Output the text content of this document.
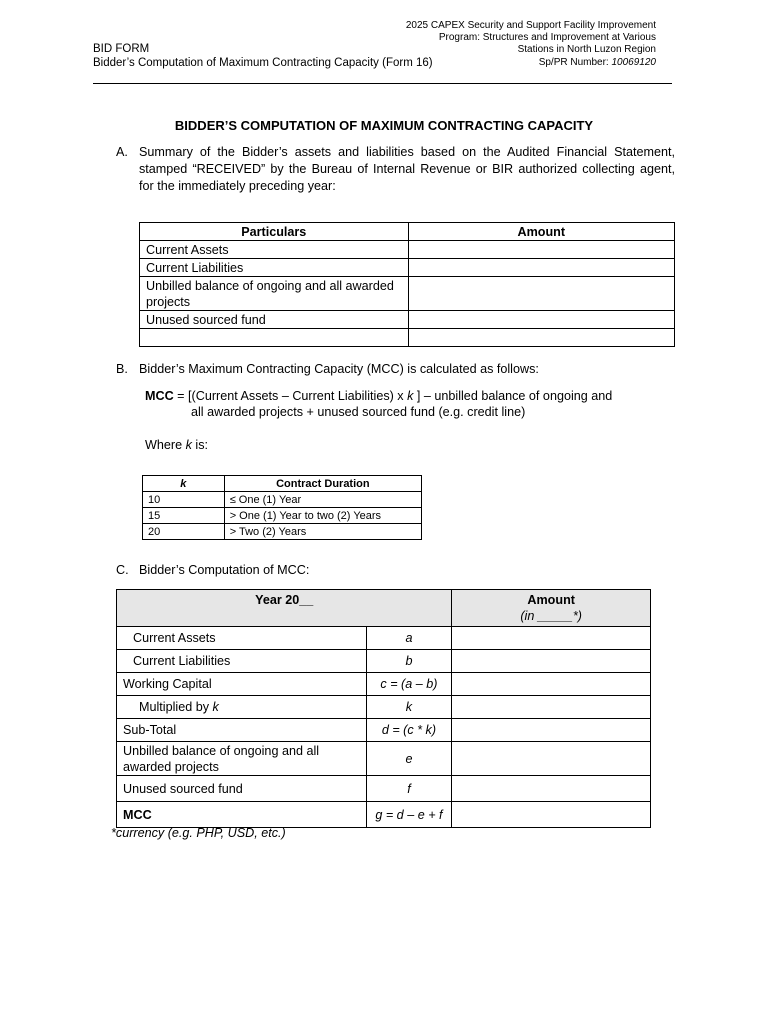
2025 CAPEX Security and Support Facility Improvement
Program: Structures and Improvement at Various
Stations in North Luzon Region
BID FORM
Bidder’s Computation of Maximum Contracting Capacity (Form 16)	Sp/PR Number: 10069120
BIDDER’S COMPUTATION OF MAXIMUM CONTRACTING CAPACITY
A. Summary of the Bidder’s assets and liabilities based on the Audited Financial Statement,
stamped “RECEIVED” by the Bureau of Internal Revenue or BIR authorized collecting agent,
for the immediately preceding year:
Particulars	Amount
Current Assets	
Current Liabilities	
Unbilled balance of ongoing and all awarded projects	
Unused sourced fund	

B. Bidder’s Maximum Contracting Capacity (MCC) is calculated as follows:
MCC = [(Current Assets – Current Liabilities) x k ] – unbilled balance of ongoing and
all awarded projects + unused sourced fund (e.g. credit line)
Where k is:
k	Contract Duration
10	≤ One (1) Year
15	> One (1) Year to two (2) Years
20	> Two (2) Years
C. Bidder’s Computation of MCC:
Year 20__		Amount
(in _____*)

Current Assets	a	
Current Liabilities	b	
Working Capital	c = (a – b)	
Multiplied by k	k	
Sub-Total	d = (c * k)	
Unbilled balance of ongoing and all awarded projects	e	
Unused sourced fund	f	
MCC	g = d – e + f	
*currency (e.g. PHP, USD, etc.)
